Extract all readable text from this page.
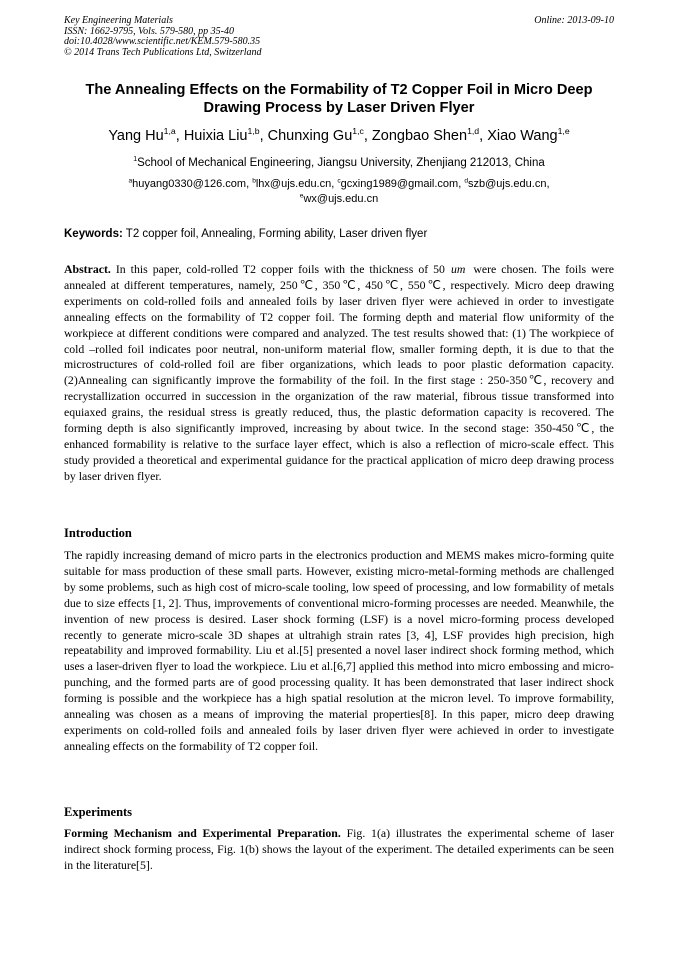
Key Engineering Materials
ISSN: 1662-9795, Vols. 579-580, pp 35-40
doi:10.4028/www.scientific.net/KEM.579-580.35
© 2014 Trans Tech Publications Ltd, Switzerland
Online: 2013-09-10
The Annealing Effects on the Formability of T2 Copper Foil in Micro Deep Drawing Process by Laser Driven Flyer
Yang Hu$^{1,a}$, Huixia Liu$^{1,b}$, Chunxing Gu$^{1,c}$, Zongbao Shen$^{1,d}$, Xiao Wang$^{1,e}$
$^1$School of Mechanical Engineering, Jiangsu University, Zhenjiang 212013, China
$^a$huyang0330@126.com, $^b$lhx@ujs.edu.cn, $^c$gcxing1989@gmail.com, $^d$szb@ujs.edu.cn,
$^e$wx@ujs.edu.cn
Keywords: T2 copper foil, Annealing, Forming ability, Laser driven flyer
Abstract. In this paper, cold-rolled T2 copper foils with the thickness of 50 um were chosen. The foils were annealed at different temperatures, namely, 250℃, 350℃, 450℃, 550℃, respectively. Micro deep drawing experiments on cold-rolled foils and annealed foils by laser driven flyer were achieved in order to investigate annealing effects on the formability of T2 copper foil. The forming depth and material flow uniformity of the workpiece at different conditions were compared and analyzed. The test results showed that: (1) The workpiece of cold –rolled foil indicates poor neutral, non-uniform material flow, smaller forming depth, it is due to that the microstructures of cold-rolled foil are fiber organizations, which leads to poor plastic deformation capacity.(2)Annealing can significantly improve the formability of the foil. In the first stage : 250-350℃, recovery and recrystallization occurred in succession in the organization of the raw material, fibrous tissue transformed into equiaxed grains, the residual stress is greatly reduced, thus, the plastic deformation capacity is recovered. The forming depth is also significantly improved, increasing by about twice. In the second stage: 350-450℃, the enhanced formability is relative to the surface layer effect, which is also a reflection of micro-scale effect. This study provided a theoretical and experimental guidance for the practical application of micro deep drawing process by laser driven flyer.
Introduction
The rapidly increasing demand of micro parts in the electronics production and MEMS makes micro-forming quite suitable for mass production of these small parts. However, existing micro-metal-forming methods are challenged by some problems, such as high cost of micro-scale tooling, low speed of processing, and low formability of metals due to size effects [1, 2]. Thus, improvements of conventional micro-forming processes are needed. Meanwhile, the invention of new process is desired. Laser shock forming (LSF) is a novel micro-forming process developed recently to generate micro-scale 3D shapes at ultrahigh strain rates [3, 4], LSF provides high precision, high repeatability and improved formability. Liu et al.[5] presented a novel laser indirect shock forming method, which uses a laser-driven flyer to load the workpiece. Liu et al.[6,7] applied this method into micro embossing and micro-punching, and the formed parts are of good processing quality. It has been demonstrated that laser indirect shock forming is possible and the workpiece has a high spatial resolution at the micron level. To improve formability, annealing was chosen as a means of improving the material properties[8]. In this paper, micro deep drawing experiments on cold-rolled foils and annealed foils by laser driven flyer were achieved in order to investigate annealing effects on the formability of T2 copper foil.
Experiments
Forming Mechanism and Experimental Preparation. Fig. 1(a) illustrates the experimental scheme of laser indirect shock forming process, Fig. 1(b) shows the layout of the experiment. The detailed experiments can be seen in the literature[5].
